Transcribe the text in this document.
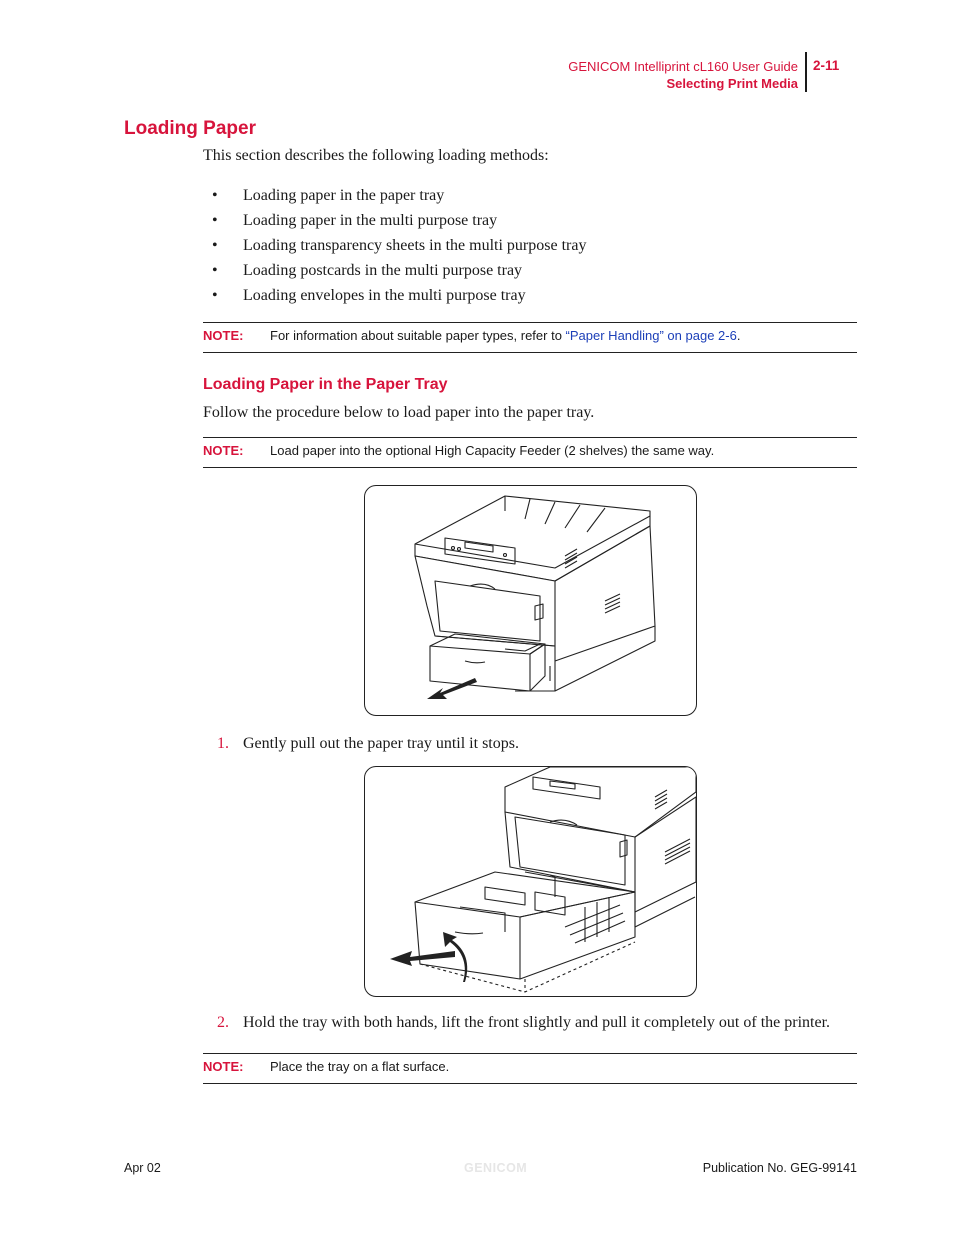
GENICOM Intelliprint cL160 User Guide
Selecting Print Media
2-11
Loading Paper
This section describes the following loading methods:
• Loading paper in the paper tray
• Loading paper in the multi purpose tray
• Loading transparency sheets in the multi purpose tray
• Loading postcards in the multi purpose tray
• Loading envelopes in the multi purpose tray
NOTE: For information about suitable paper types, refer to “Paper Handling” on page 2-6.
Loading Paper in the Paper Tray
Follow the procedure below to load paper into the paper tray.
NOTE: Load paper into the optional High Capacity Feeder (2 shelves) the same way.
1. Gently pull out the paper tray until it stops.
2. Hold the tray with both hands, lift the front slightly and pull it completely out of the printer.
NOTE: Place the tray on a flat surface.
Apr 02	GENICOM	Publication No. GEG-99141
